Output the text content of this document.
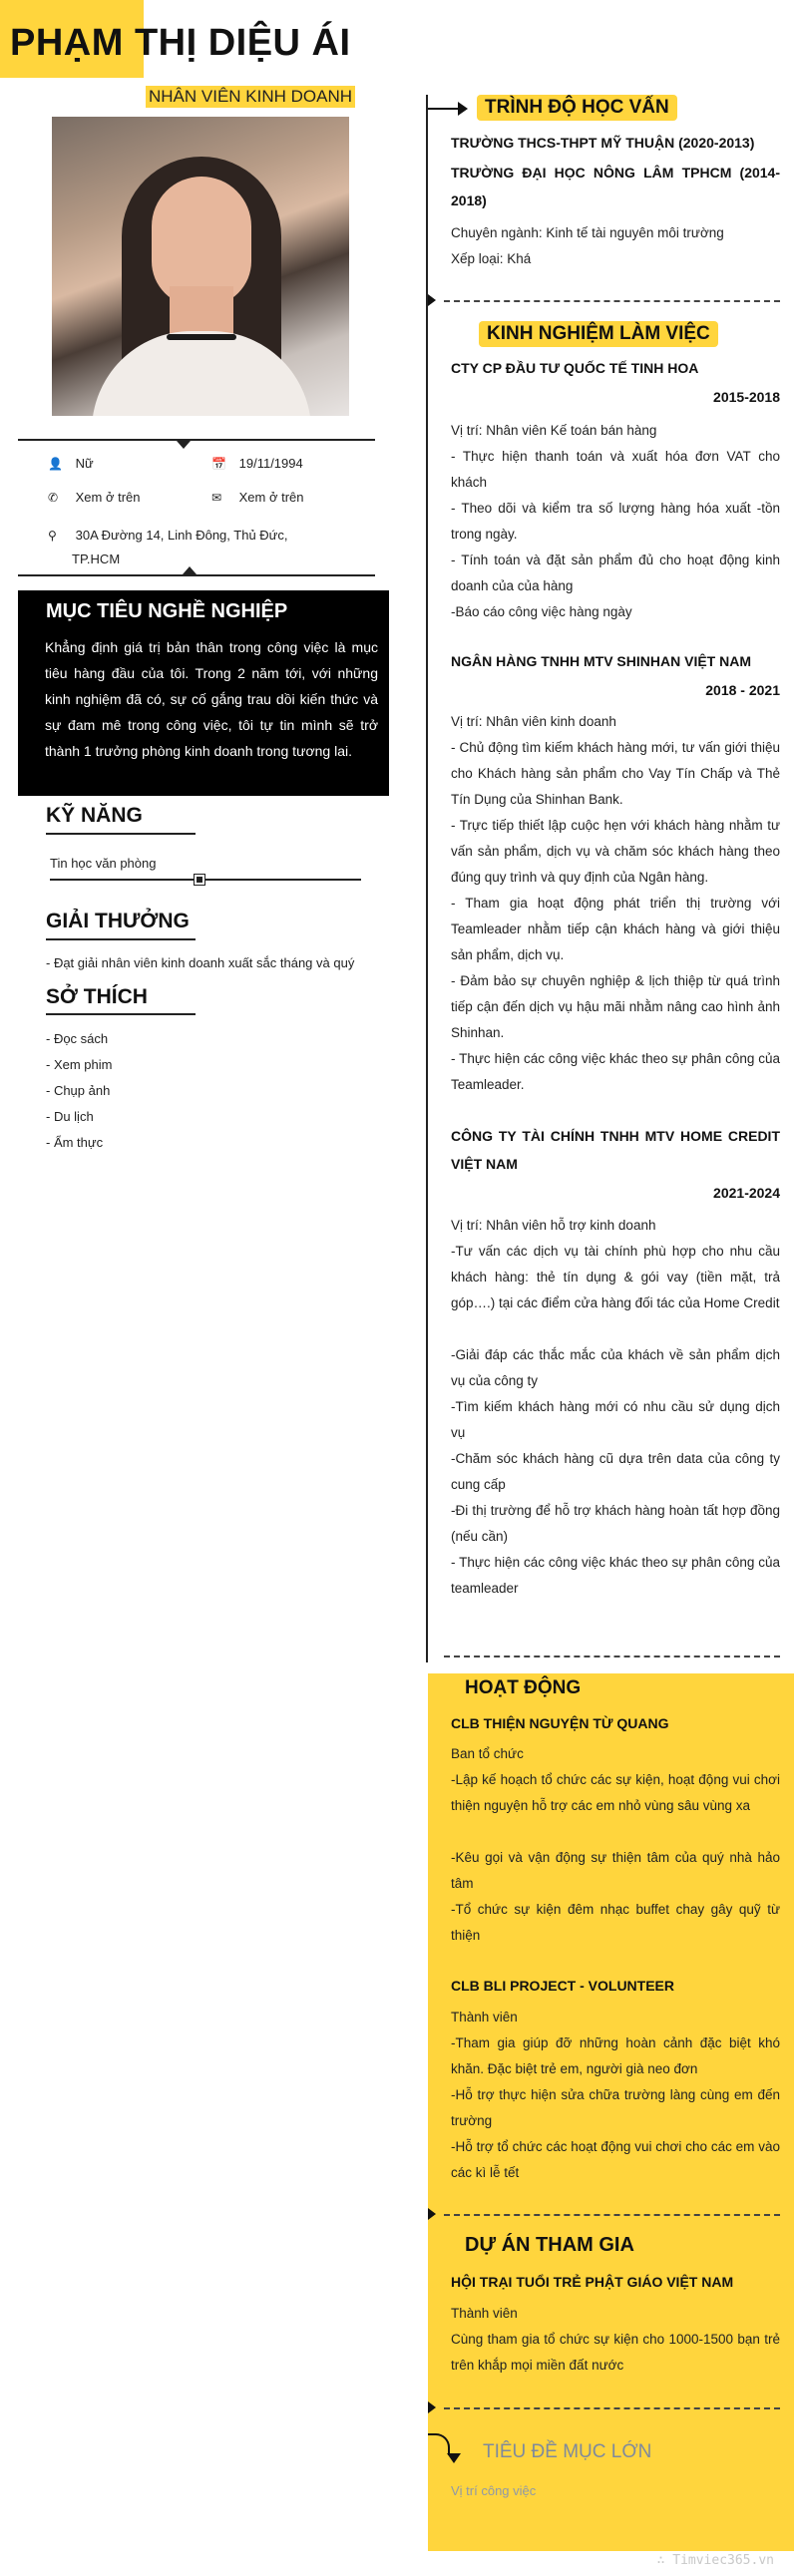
PHẠM THỊ DIỆU ÁI
NHÂN VIÊN KINH DOANH
👤 Nữ	📅 19/11/1994
✆ Xem ở trên	✉ Xem ở trên
⚲ 30A Đường 14, Linh Đông, Thủ Đức,
TP.HCM
MỤC TIÊU NGHỀ NGHIỆP
Khẳng định giá trị bản thân trong công việc là mục tiêu hàng đầu của tôi. Trong 2 năm tới, với những kinh nghiệm đã có, sự cố gắng trau dồi kiến thức và sự đam mê trong công việc, tôi tự tin mình sẽ trở thành 1 trưởng phòng kinh doanh trong tương lai.
KỸ NĂNG
Tin học văn phòng
GIẢI THƯỞNG
- Đạt giải nhân viên kinh doanh xuất sắc tháng và quý
SỞ THÍCH
- Đọc sách
- Xem phim
- Chụp ảnh
- Du lịch
- Ẩm thực
TRÌNH ĐỘ HỌC VẤN
TRƯỜNG THCS-THPT MỸ THUẬN (2020-2013)
TRƯỜNG ĐẠI HỌC NÔNG LÂM TPHCM (2014-2018)
Chuyên ngành: Kinh tế tài nguyên môi trường
Xếp loại: Khá
KINH NGHIỆM LÀM VIỆC
CTY CP ĐẦU TƯ QUỐC TẾ TINH HOA
2015-2018
Vị trí: Nhân viên Kế toán bán hàng
- Thực hiện thanh toán và xuất hóa đơn VAT cho khách
- Theo dõi và kiểm tra số lượng hàng hóa xuất -tồn trong ngày.
- Tính toán và đặt sản phẩm đủ cho hoạt động kinh doanh của của hàng
-Báo cáo công việc hàng ngày
NGÂN HÀNG TNHH MTV SHINHAN VIỆT NAM
2018 - 2021
Vị trí: Nhân viên kinh doanh
- Chủ động tìm kiếm khách hàng mới, tư vấn giới thiệu cho Khách hàng sản phẩm cho Vay Tín Chấp và Thẻ Tín Dụng của Shinhan Bank.
- Trực tiếp thiết lập cuộc hẹn với khách hàng nhằm tư vấn sản phẩm, dịch vụ và chăm sóc khách hàng theo đúng quy trình và quy định của Ngân hàng.
- Tham gia hoạt động phát triển thị trường với Teamleader nhằm tiếp cận khách hàng và giới thiệu sản phẩm, dịch vụ.
- Đảm bảo sự chuyên nghiệp & lịch thiệp từ quá trình tiếp cận đến dịch vụ hậu mãi nhằm nâng cao hình ảnh Shinhan.
- Thực hiện các công việc khác theo sự phân công của Teamleader.
CÔNG TY TÀI CHÍNH TNHH MTV HOME CREDIT VIỆT NAM
2021-2024
Vị trí: Nhân viên hỗ trợ kinh doanh
-Tư vấn các dịch vụ tài chính phù hợp cho nhu cầu khách hàng: thẻ tín dụng & gói vay (tiền mặt, trả góp….) tại các điểm cửa hàng đối tác của Home Credit
-Giải đáp các thắc mắc của khách về sản phẩm dịch vụ của công ty
-Tìm kiếm khách hàng mới có nhu cầu sử dụng dịch vụ
-Chăm sóc khách hàng cũ dựa trên data của công ty cung cấp
-Đi thị trường để hỗ trợ khách hàng hoàn tất hợp đồng (nếu cần)
- Thực hiện các công việc khác theo sự phân công của teamleader
HOẠT ĐỘNG
CLB THIỆN NGUYỆN TỪ QUANG
Ban tổ chức
-Lập kế hoạch tổ chức các sự kiện, hoạt động vui chơi thiện nguyện hỗ trợ các em nhỏ vùng sâu vùng xa
-Kêu gọi và vận động sự thiện tâm của quý nhà hảo tâm
-Tổ chức sự kiện đêm nhạc buffet chay gây quỹ từ thiện
CLB BLI PROJECT - VOLUNTEER
Thành viên
-Tham gia giúp đỡ những hoàn cảnh đặc biệt khó khăn. Đặc biệt trẻ em, người già neo đơn
-Hỗ trợ thực hiện sửa chữa trường làng cùng em đến trường
-Hỗ trợ tổ chức các hoạt động vui chơi cho các em vào các kì lễ tết
DỰ ÁN THAM GIA
HỘI TRẠI TUỔI TRẺ PHẬT GIÁO VIỆT NAM
Thành viên
Cùng tham gia tổ chức sự kiện cho 1000-1500 bạn trẻ trên khắp mọi miền đất nước
TIÊU ĐỀ MỤC LỚN
Vị trí công việc
∴ Timviec365.vn
